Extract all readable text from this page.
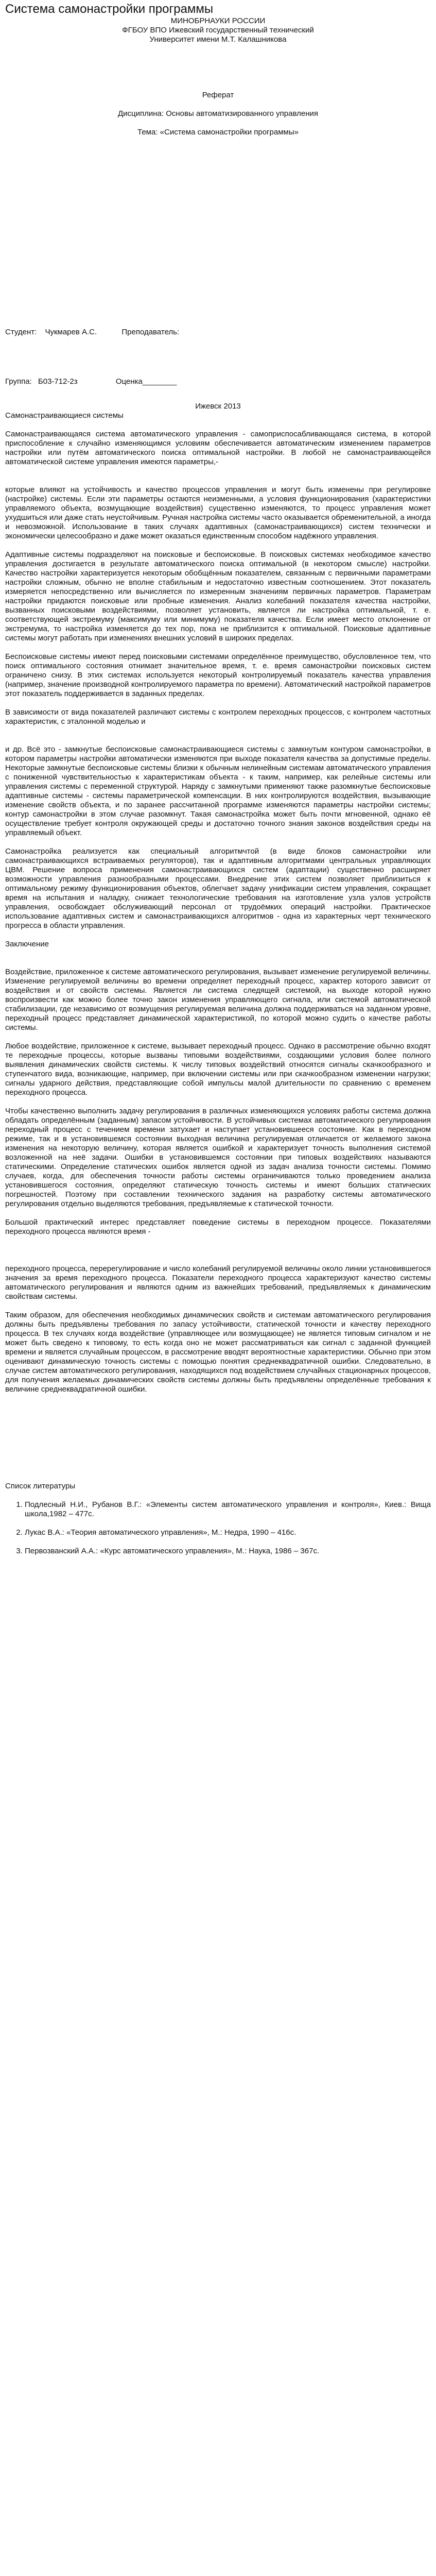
Система самонастройки программы
МИНОБРНАУКИ РОССИИ
ФГБОУ ВПО Ижевский государственный технический
Университет имени М.Т. Калашникова
Реферат
Дисциплина: Основы автоматизированного управления
Тема: «Система самонастройки программы»
Студент: Чукмарев А.С.	Преподаватель:
Группа: Б03-712-2з	Оценка________
Ижевск 2013
Самонастраивающиеся системы

Самонастраивающаяся система автоматического управления - самоприспосабливающаяся система, в которой приспособление к случайно изменяющимся условиям обеспечивается автоматическим изменением параметров настройки или путём автоматического поиска оптимальной настройки. В любой не самонастраивающейся автоматической системе управления имеются параметры,-

которые влияют на устойчивость и качество процессов управления и могут быть изменены при регулировке (настройке) системы. Если эти параметры остаются неизменными, а условия функционирования (характеристики управляемого объекта, возмущающие воздействия) существенно изменяются, то процесс управления может ухудшиться или даже стать неустойчивым. Ручная настройка системы часто оказывается обременительной, а иногда и невозможной. Использование в таких случаях адаптивных (самонастраивающихся) систем технически и экономически целесообразно и даже может оказаться единственным способом надёжного управления.

Адаптивные системы подразделяют на поисковые и беспоисковые. В поисковых системах необходимое качество управления достигается в результате автоматического поиска оптимальной (в некотором смысле) настройки. Качество настройки характеризуется некоторым обобщённым показателем, связанным с первичными параметрами настройки сложным, обычно не вполне стабильным и недостаточно известным соотношением. Этот показатель измеряется непосредственно или вычисляется по измеренным значениям первичных параметров. Параметрам настройки придаются поисковые или пробные изменения. Анализ колебаний показателя качества настройки, вызванных поисковыми воздействиями, позволяет установить, является ли настройка оптимальной, т. е. соответствующей экстремуму (максимуму или минимуму) показателя качества. Если имеет место отклонение от экстремума, то настройка изменяется до тех пор, пока не приблизится к оптимальной. Поисковые адаптивные системы могут работать при изменениях внешних условий в широких пределах.

Беспоисковые системы имеют перед поисковыми системами определённое преимущество, обусловленное тем, что поиск оптимального состояния отнимает значительное время, т. е. время самонастройки поисковых систем ограничено снизу. В этих системах используется некоторый контролируемый показатель качества управления (например, значение производной контролируемого параметра по времени). Автоматический настройкой параметров этот показатель поддерживается в заданных пределах.

В зависимости от вида показателей различают системы с контролем переходных процессов, с контролем частотных характеристик, с эталонной моделью и

и др. Всё это - замкнутые беспоисковые самонастраивающиеся системы с замкнутым контуром самонастройки, в котором параметры настройки автоматически изменяются при выходе показателя качества за допустимые пределы. Некоторые замкнутые беспоисковые системы близки к обычным нелинейным системам автоматического управления с пониженной чувствительностью к характеристикам объекта - к таким, например, как релейные системы или управления системы с переменной структурой. Наряду с замкнутыми применяют также разомкнутые беспоисковые адаптивные системы - системы параметрической компенсации. В них контролируются воздействия, вызывающие изменение свойств объекта, и по заранее рассчитанной программе изменяются параметры настройки системы; контур самонастройки в этом случае разомкнут. Такая самонастройка может быть почти мгновенной, однако её осуществление требует контроля окружающей среды и достаточно точного знания законов воздействия среды на управляемый объект.

Самонастройка реализуется как специальный алгоритмчтой (в виде блоков самонастройки или самонастраивающихся встраиваемых регуляторов), так и адаптивным алгоритмами центральных управляющих ЦВМ. Решение вопроса применения самонастраивающихся систем (адаптации) существенно расширяет возможности управления разнообразными процессами. Внедрение этих систем позволяет приблизиться к оптимальному режиму функционирования объектов, облегчает задачу унификации систем управления, сокращает время на испытания и наладку, снижает технологические требования на изготовление узла узлов устройств управления, освобождает обслуживающий персонал от трудоёмких операций настройки. Практическое использование адаптивных систем и самонастраивающихся алгоритмов - одна из характерных черт технического прогресса в области управления.

Заключение

Воздействие, приложенное к системе автоматического регулирования, вызывает изменение регулируемой величины. Изменение регулируемой величины во времени определяет переходный процесс, характер которого зависит от воздействия и от свойств системы. Является ли система следящей системой, на выходе которой нужно воспроизвести как можно более точно закон изменения управляющего сигнала, или системой автоматической стабилизации, где независимо от возмущения регулируемая величина должна поддерживаться на заданном уровне, переходный процесс представляет динамической характеристикой, по которой можно судить о качестве работы системы.

Любое воздействие, приложенное к системе, вызывает переходный процесс. Однако в рассмотрение обычно входят те переходные процессы, которые вызваны типовыми воздействиями, создающими условия более полного выявления динамических свойств системы. К числу типовых воздействий относятся сигналы скачкообразного и ступенчатого вида, возникающие, например, при включении системы или при скачкообразном изменении нагрузки; сигналы ударного действия, представляющие собой импульсы малой длительности по сравнению с временем переходного процесса.

Чтобы качественно выполнить задачу регулирования в различных изменяющихся условиях работы система должна обладать определённым (заданным) запасом устойчивости. В устойчивых системах автоматического регулирования переходный процесс с течением времени затухает и наступает установившееся состояние. Как в переходном режиме, так и в установившемся состоянии выходная величина регулируемая отличается от желаемого закона изменения на некоторую величину, которая является ошибкой и характеризует точность выполнения системой возложенной на неё задачи. Ошибки в установившемся состоянии при типовых воздействиях называются статическими. Определение статических ошибок является одной из задач анализа точности системы. Помимо случаев, когда, для обеспечения точности работы системы ограничиваются только проведением анализа установившегося состояния, определяют статическую точность системы и имеют больших статических погрешностей. Поэтому при составлении технического задания на разработку системы автоматического регулирования отдельно выделяются требования, предъявляемые к статической точности.

Большой практический интерес представляет поведение системы в переходном процессе. Показателями переходного процесса являются время -

переходного процесса, перерегулирование и число колебаний регулируемой величины около линии установившегося значения за время переходного процесса. Показатели переходного процесса характеризуют качество системы автоматического регулирования и являются одним из важнейших требований, предъявляемых к динамическим свойствам системы.

Таким образом, для обеспечения необходимых динамических свойств и системам автоматического регулирования должны быть предъявлены требования по запасу устойчивости, статической точности и качеству переходного процесса. В тех случаях когда воздействие (управляющее или возмущающее) не является типовым сигналом и не может быть сведено к типовому, то есть когда оно не может рассматриваться как сигнал с заданной функцией времени и является случайным процессом, в рассмотрение вводят вероятностные характеристики. Обычно при этом оценивают динамическую точность системы с помощью понятия среднеквадратичной ошибки. Следовательно, в случае систем автоматического регулирования, находящихся под воздействием случайных стационарных процессов, для получения желаемых динамических свойств системы должны быть предъявлены определённые требования к величине среднеквадратичной ошибки.

Список литературы
1. Подлесный Н.И., Рубанов В.Г.: «Элементы систем автоматического управления и контроля», Киев.: Вища школа,1982 – 477с.
2. Лукас В.А.: «Теория автоматического управления», М.: Недра, 1990 – 416с.
3. Первозванский А.А.: «Курс автоматического управления», М.: Наука, 1986 – 367с.
